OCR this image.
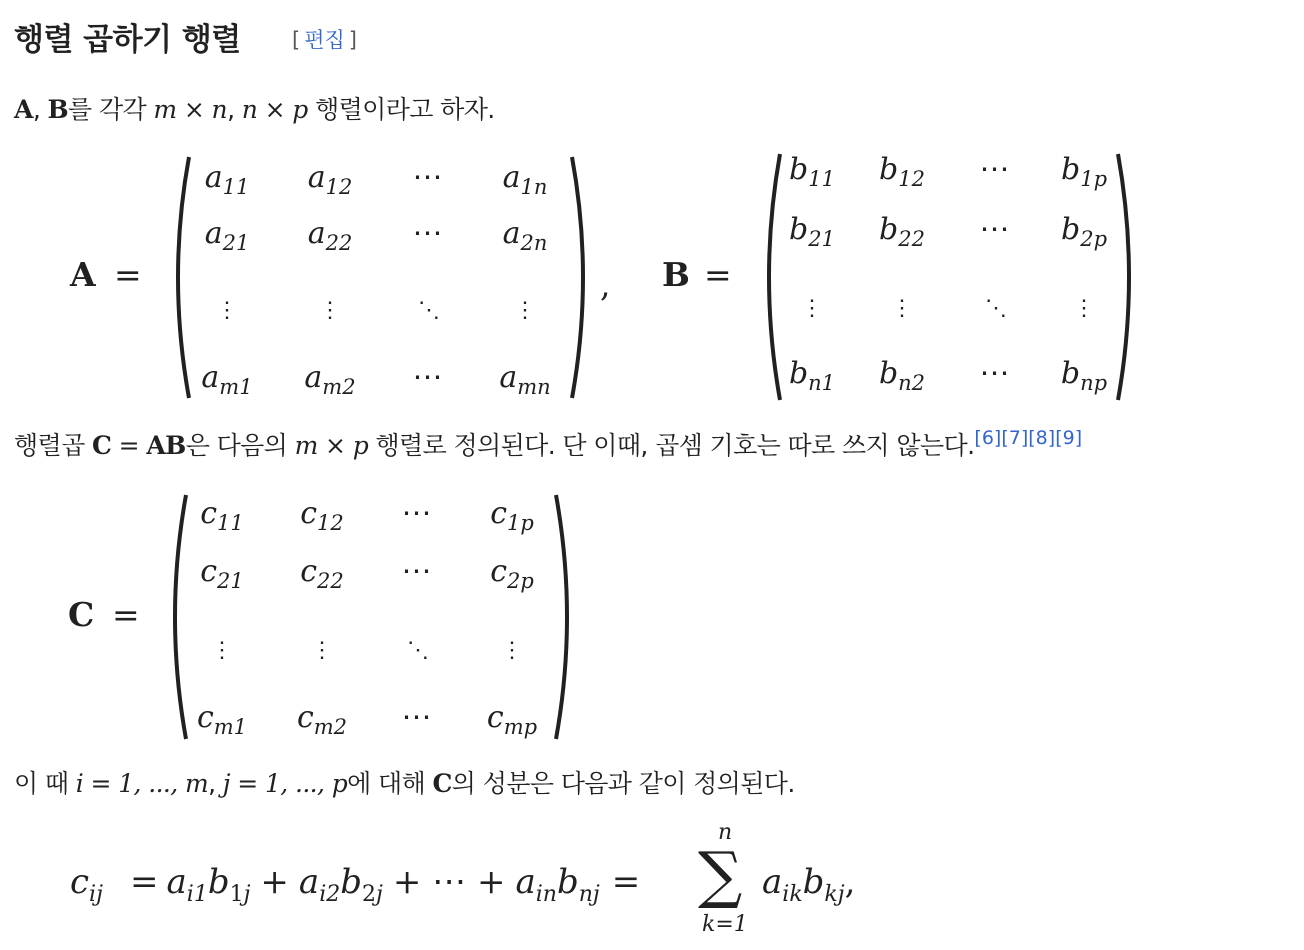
행렬 곱하기 행렬 [ 편집 ]
A, B를 각각 m × n, n × p 행렬이라고 하자.
A =
$a_{11}$	$a_{12}$	⋯	$a_{1n}$
$a_{21}$	$a_{22}$	⋯	$a_{2n}$
⋮	⋮	⋱	⋮
$a_{m1}$	$a_{m2}$	⋯	$a_{mn}$
, B =
$b_{11}$	$b_{12}$	⋯	$b_{1p}$
$b_{21}$	$b_{22}$	⋯	$b_{2p}$
⋮	⋮	⋱	⋮
$b_{n1}$	$b_{n2}$	⋯	$b_{np}$
행렬곱 C = AB은 다음의 m × p 행렬로 정의된다. 단 이때, 곱셈 기호는 따로 쓰지 않는다.[6][7][8][9]
C =
$c_{11}$	$c_{12}$	⋯	$c_{1p}$
$c_{21}$	$c_{22}$	⋯	$c_{2p}$
⋮	⋮	⋱	⋮
$c_{m1}$	$c_{m2}$	⋯	$c_{mp}$
이 때 i = 1, ..., m, j = 1, ..., p에 대해 C의 성분은 다음과 같이 정의된다.
$c_{ij} = a_{i1}b_{1j} + a_{i2}b_{2j}$ + ⋯ + $a_{in}b_{nj}$ =
n
∑
k=1
$a_{ik}b_{kj}$,
